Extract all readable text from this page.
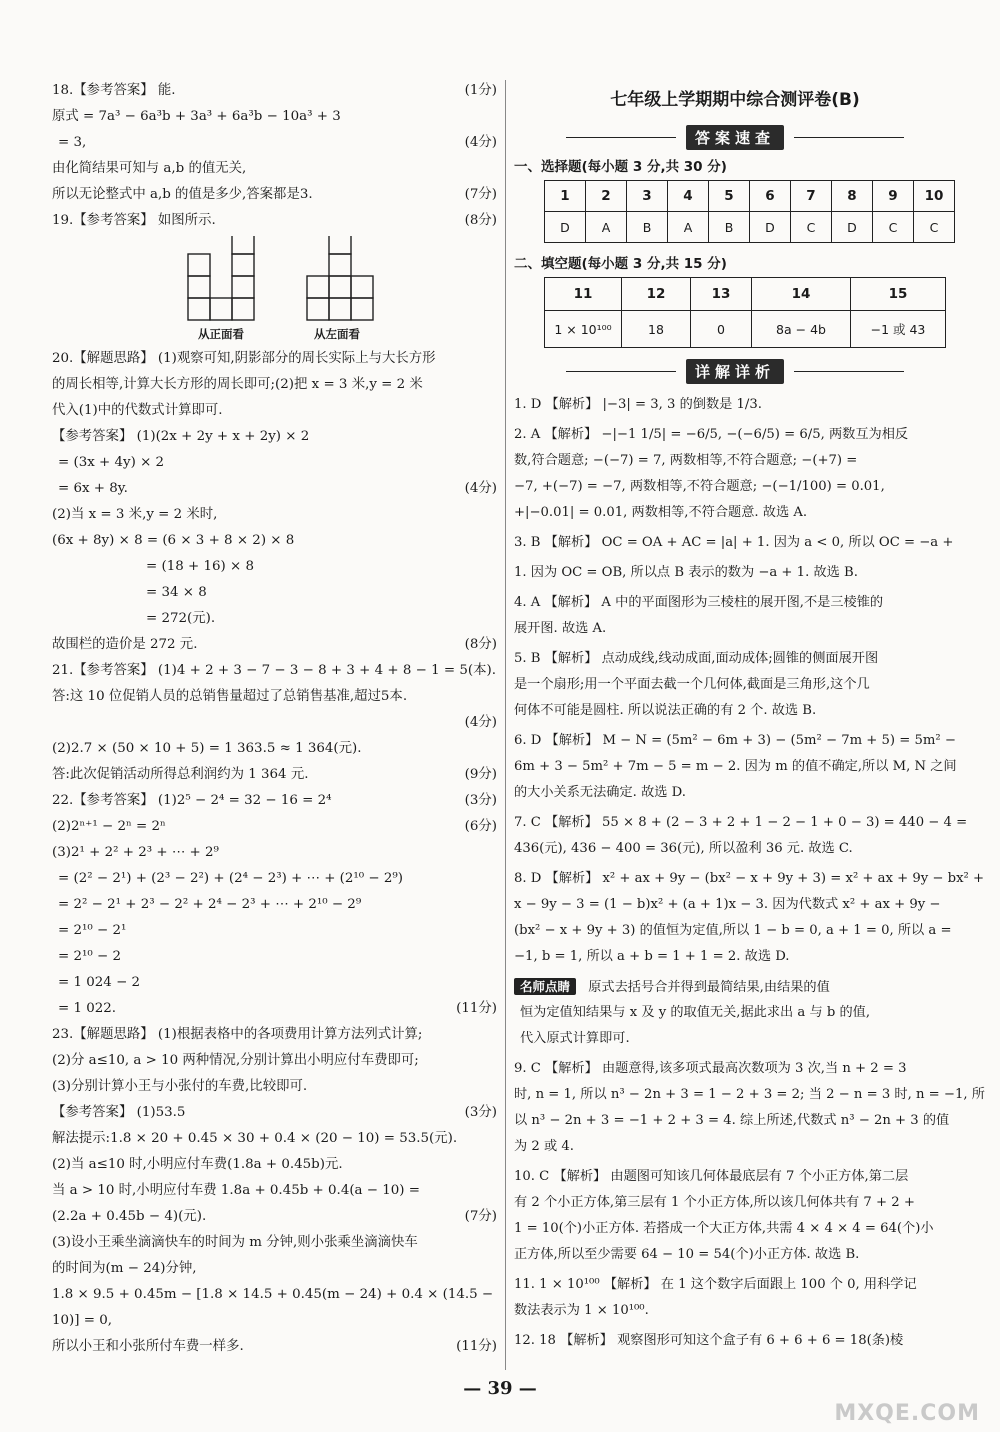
18.【参考答案】 能.	(1分)
原式 = 7a³ − 6a³b + 3a³ + 6a³b − 10a³ + 3
= 3,	(4分)
由化简结果可知与 a,b 的值无关,
所以无论整式中 a,b 的值是多少,答案都是3.	(7分)
19.【参考答案】 如图所示.	(8分)
从正面看	从左面看
20.【解题思路】 (1)观察可知,阴影部分的周长实际上与大长方形
的周长相等,计算大长方形的周长即可;(2)把 x = 3 米,y = 2 米
代入(1)中的代数式计算即可.
【参考答案】 (1)(2x + 2y + x + 2y) × 2
= (3x + 4y) × 2
= 6x + 8y.	(4分)
(2)当 x = 3 米,y = 2 米时,
(6x + 8y) × 8 = (6 × 3 + 8 × 2) × 8
= (18 + 16) × 8
= 34 × 8
= 272(元).
故围栏的造价是 272 元.	(8分)
21.【参考答案】 (1)4 + 2 + 3 − 7 − 3 − 8 + 3 + 4 + 8 − 1 = 5(本).
答:这 10 位促销人员的总销售量超过了总销售基准,超过5本.
(4分)
(2)2.7 × (50 × 10 + 5) = 1 363.5 ≈ 1 364(元).
答:此次促销活动所得总利润约为 1 364 元.	(9分)
22.【参考答案】 (1)2⁵ − 2⁴ = 32 − 16 = 2⁴	(3分)
(2)2ⁿ⁺¹ − 2ⁿ = 2ⁿ	(6分)
(3)2¹ + 2² + 2³ + ⋯ + 2⁹
= (2² − 2¹) + (2³ − 2²) + (2⁴ − 2³) + ⋯ + (2¹⁰ − 2⁹)
= 2² − 2¹ + 2³ − 2² + 2⁴ − 2³ + ⋯ + 2¹⁰ − 2⁹
= 2¹⁰ − 2¹
= 2¹⁰ − 2
= 1 024 − 2
= 1 022.	(11分)
23.【解题思路】 (1)根据表格中的各项费用计算方法列式计算;
(2)分 a≤10, a > 10 两种情况,分别计算出小明应付车费即可;
(3)分别计算小王与小张付的车费,比较即可.
【参考答案】 (1)53.5	(3分)
解法提示:1.8 × 20 + 0.45 × 30 + 0.4 × (20 − 10) = 53.5(元).
(2)当 a≤10 时,小明应付车费(1.8a + 0.45b)元.
当 a > 10 时,小明应付车费 1.8a + 0.45b + 0.4(a − 10) =
(2.2a + 0.45b − 4)(元).	(7分)
(3)设小王乘坐滴滴快车的时间为 m 分钟,则小张乘坐滴滴快车
的时间为(m − 24)分钟,
1.8 × 9.5 + 0.45m − [1.8 × 14.5 + 0.45(m − 24) + 0.4 × (14.5 −
10)] = 0,
所以小王和小张所付车费一样多.	(11分)
七年级上学期期中综合测评卷(B)
答案速查
一、选择题(每小题 3 分,共 30 分)
1	2	3	4	5	6	7	8	9	10
D	A	B	A	B	D	C	D	C	C
二、填空题(每小题 3 分,共 15 分)
11	12	13	14	15
1 × 10¹⁰⁰	18	0	8a − 4b	−1 或 43
详解详析
1. D 【解析】 |−3| = 3, 3 的倒数是 1/3.
2. A 【解析】 −|−1 1/5| = −6/5, −(−6/5) = 6/5, 两数互为相反
数,符合题意; −(−7) = 7, 两数相等,不符合题意; −(+7) =
−7, +(−7) = −7, 两数相等,不符合题意; −(−1/100) = 0.01,
+|−0.01| = 0.01, 两数相等,不符合题意. 故选 A.
3. B 【解析】 OC = OA + AC = |a| + 1. 因为 a < 0, 所以 OC = −a +
1. 因为 OC = OB, 所以点 B 表示的数为 −a + 1. 故选 B.
4. A 【解析】 A 中的平面图形为三棱柱的展开图,不是三棱锥的
展开图. 故选 A.
5. B 【解析】 点动成线,线动成面,面动成体;圆锥的侧面展开图
是一个扇形;用一个平面去截一个几何体,截面是三角形,这个几
何体不可能是圆柱. 所以说法正确的有 2 个. 故选 B.
6. D 【解析】 M − N = (5m² − 6m + 3) − (5m² − 7m + 5) = 5m² −
6m + 3 − 5m² + 7m − 5 = m − 2. 因为 m 的值不确定,所以 M, N 之间
的大小关系无法确定. 故选 D.
7. C 【解析】 55 × 8 + (2 − 3 + 2 + 1 − 2 − 1 + 0 − 3) = 440 − 4 =
436(元), 436 − 400 = 36(元), 所以盈利 36 元. 故选 C.
8. D 【解析】 x² + ax + 9y − (bx² − x + 9y + 3) = x² + ax + 9y − bx² +
x − 9y − 3 = (1 − b)x² + (a + 1)x − 3. 因为代数式 x² + ax + 9y −
(bx² − x + 9y + 3) 的值恒为定值,所以 1 − b = 0, a + 1 = 0, 所以 a =
−1, b = 1, 所以 a + b = 1 + 1 = 2. 故选 D.
名师点睛 原式去括号合并得到最简结果,由结果的值
恒为定值知结果与 x 及 y 的取值无关,据此求出 a 与 b 的值,
代入原式计算即可.
9. C 【解析】 由题意得,该多项式最高次数项为 3 次,当 n + 2 = 3
时, n = 1, 所以 n³ − 2n + 3 = 1 − 2 + 3 = 2; 当 2 − n = 3 时, n = −1, 所
以 n³ − 2n + 3 = −1 + 2 + 3 = 4. 综上所述,代数式 n³ − 2n + 3 的值
为 2 或 4.
10. C 【解析】 由题图可知该几何体最底层有 7 个小正方体,第二层
有 2 个小正方体,第三层有 1 个小正方体,所以该几何体共有 7 + 2 +
1 = 10(个)小正方体. 若搭成一个大正方体,共需 4 × 4 × 4 = 64(个)小
正方体,所以至少需要 64 − 10 = 54(个)小正方体. 故选 B.
11. 1 × 10¹⁰⁰ 【解析】 在 1 这个数字后面跟上 100 个 0, 用科学记
数法表示为 1 × 10¹⁰⁰.
12. 18 【解析】 观察图形可知这个盒子有 6 + 6 + 6 = 18(条)棱
— 39 —
MXQE.COM
